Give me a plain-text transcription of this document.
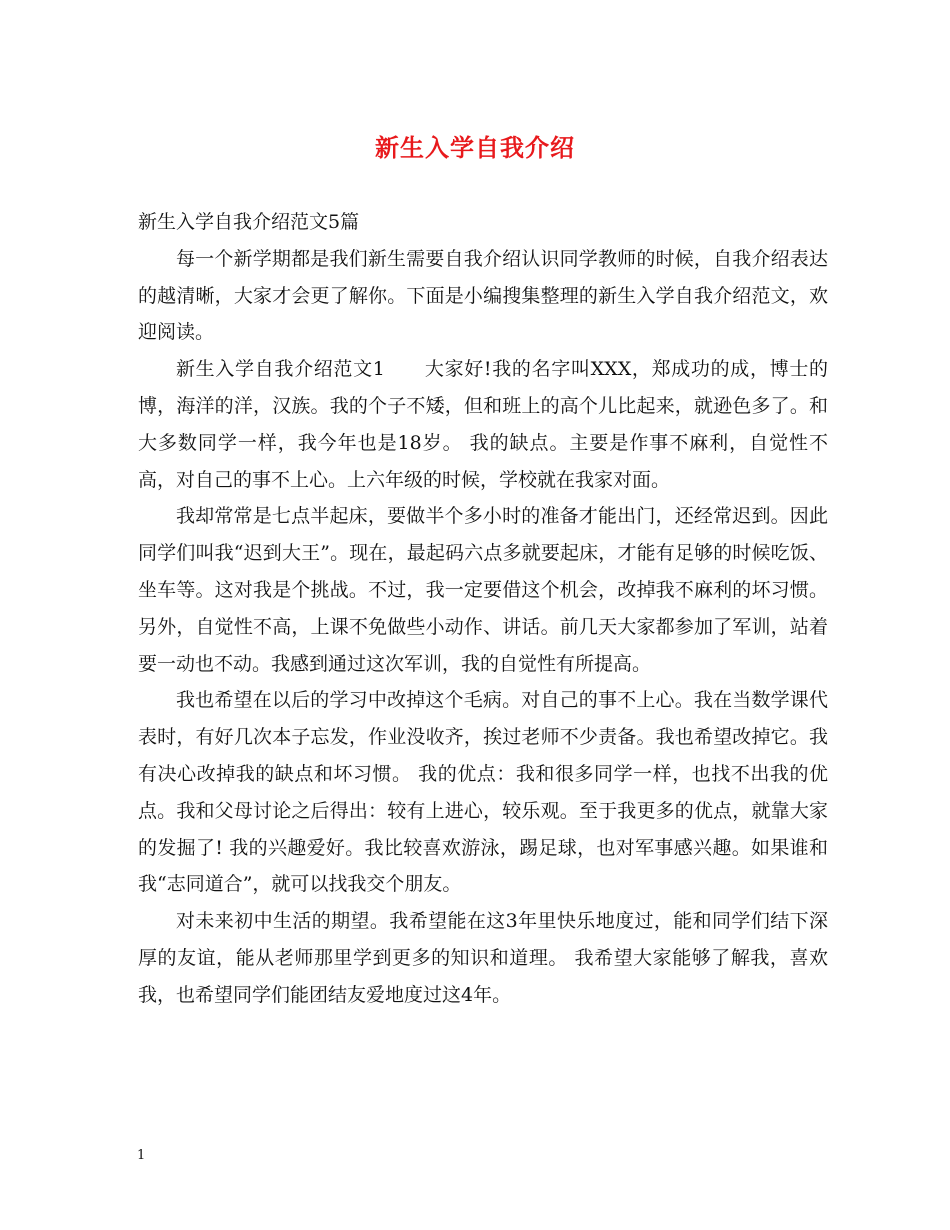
新生入学自我介绍

新生入学自我介绍范文5篇

每一个新学期都是我们新生需要自我介绍认识同学教师的时候，自我介绍表达的越清晰，大家才会更了解你。下面是小编搜集整理的新生入学自我介绍范文，欢迎阅读。

新生入学自我介绍范文1　　大家好!我的名字叫XXX，郑成功的成，博士的博，海洋的洋，汉族。我的个子不矮，但和班上的高个儿比起来，就逊色多了。和大多数同学一样，我今年也是18岁。 我的缺点。主要是作事不麻利，自觉性不高，对自己的事不上心。上六年级的时候，学校就在我家对面。

我却常常是七点半起床，要做半个多小时的准备才能出门，还经常迟到。因此同学们叫我“迟到大王”。现在，最起码六点多就要起床，才能有足够的时候吃饭、坐车等。这对我是个挑战。不过，我一定要借这个机会，改掉我不麻利的坏习惯。另外，自觉性不高，上课不免做些小动作、讲话。前几天大家都参加了军训，站着要一动也不动。我感到通过这次军训，我的自觉性有所提高。

我也希望在以后的学习中改掉这个毛病。对自己的事不上心。我在当数学课代表时，有好几次本子忘发，作业没收齐，挨过老师不少责备。我也希望改掉它。我有决心改掉我的缺点和坏习惯。 我的优点：我和很多同学一样，也找不出我的优点。我和父母讨论之后得出：较有上进心，较乐观。至于我更多的优点，就靠大家的发掘了! 我的兴趣爱好。我比较喜欢游泳，踢足球，也对军事感兴趣。如果谁和我“志同道合”，就可以找我交个朋友。

对未来初中生活的期望。我希望能在这3年里快乐地度过，能和同学们结下深厚的友谊，能从老师那里学到更多的知识和道理。 我希望大家能够了解我，喜欢我，也希望同学们能团结友爱地度过这4年。

1
